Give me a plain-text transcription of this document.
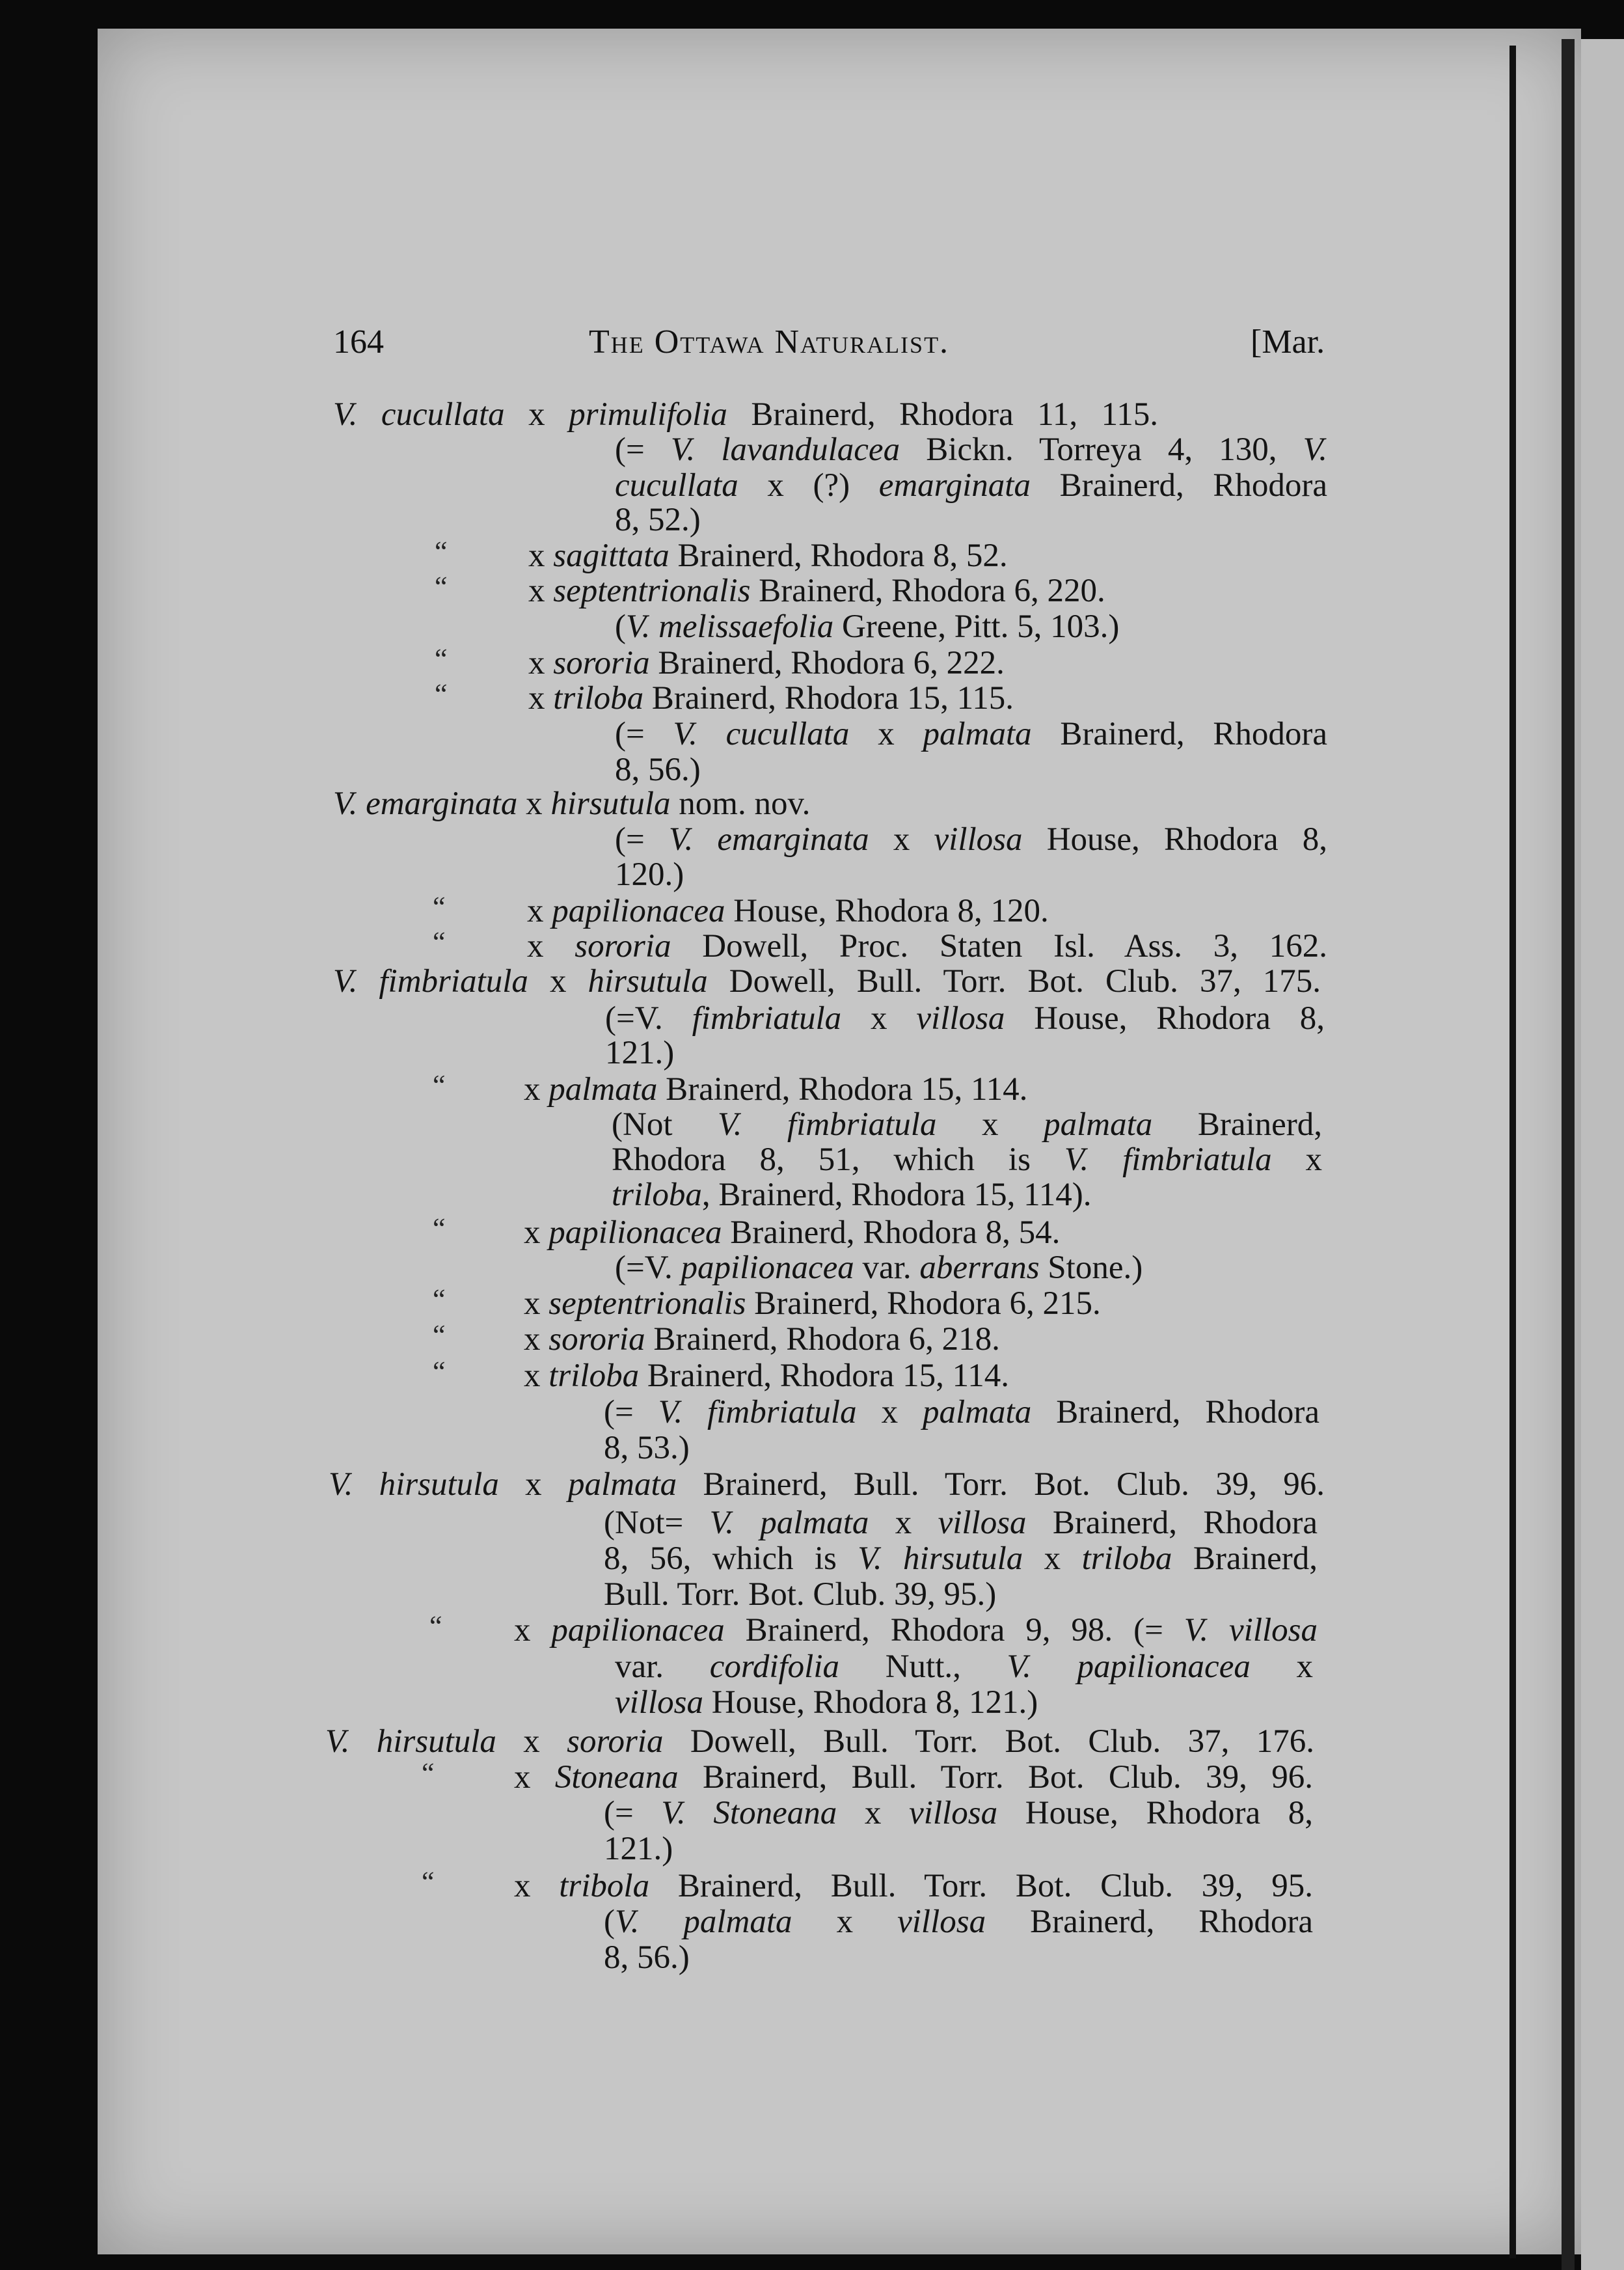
164	The Ottawa Naturalist.	[Mar.
V. cucullata x primulifolia Brainerd, Rhodora 11, 115.
(= V. lavandulacea Bickn. Torreya 4, 130, V.
cucullata x (?) emarginata Brainerd, Rhodora
8, 52.)
x sagittata Brainerd, Rhodora 8, 52.
“
x septentrionalis Brainerd, Rhodora 6, 220.
“
(V. melissaefolia Greene, Pitt. 5, 103.)
x sororia Brainerd, Rhodora 6, 222.
“
x triloba Brainerd, Rhodora 15, 115.
“
(= V. cucullata x palmata Brainerd, Rhodora
8, 56.)
V. emarginata x hirsutula nom. nov.
(= V. emarginata x villosa House, Rhodora 8,
120.)
x papilionacea House, Rhodora 8, 120.
“
x sororia Dowell, Proc. Staten Isl. Ass. 3, 162.
“
V. fimbriatula x hirsutula Dowell, Bull. Torr. Bot. Club. 37, 175.
(=V. fimbriatula x villosa House, Rhodora 8,
121.)
x palmata Brainerd, Rhodora 15, 114.
“
(Not V. fimbriatula x palmata Brainerd,
Rhodora 8, 51, which is V. fimbriatula x
triloba, Brainerd, Rhodora 15, 114).
x papilionacea Brainerd, Rhodora 8, 54.
“
(=V. papilionacea var. aberrans Stone.)
x septentrionalis Brainerd, Rhodora 6, 215.
“
x sororia Brainerd, Rhodora 6, 218.
“
x triloba Brainerd, Rhodora 15, 114.
“
(= V. fimbriatula x palmata Brainerd, Rhodora
8, 53.)
V. hirsutula x palmata Brainerd, Bull. Torr. Bot. Club. 39, 96.
(Not= V. palmata x villosa Brainerd, Rhodora
8, 56, which is V. hirsutula x triloba Brainerd,
Bull. Torr. Bot. Club. 39, 95.)
x papilionacea Brainerd, Rhodora 9, 98. (= V. villosa
“
var. cordifolia Nutt., V. papilionacea x
villosa House, Rhodora 8, 121.)
V. hirsutula x sororia Dowell, Bull. Torr. Bot. Club. 37, 176.
x Stoneana Brainerd, Bull. Torr. Bot. Club. 39, 96.
“
(= V. Stoneana x villosa House, Rhodora 8,
121.)
x tribola Brainerd, Bull. Torr. Bot. Club. 39, 95.
“
(V. palmata x villosa Brainerd, Rhodora
8, 56.)
